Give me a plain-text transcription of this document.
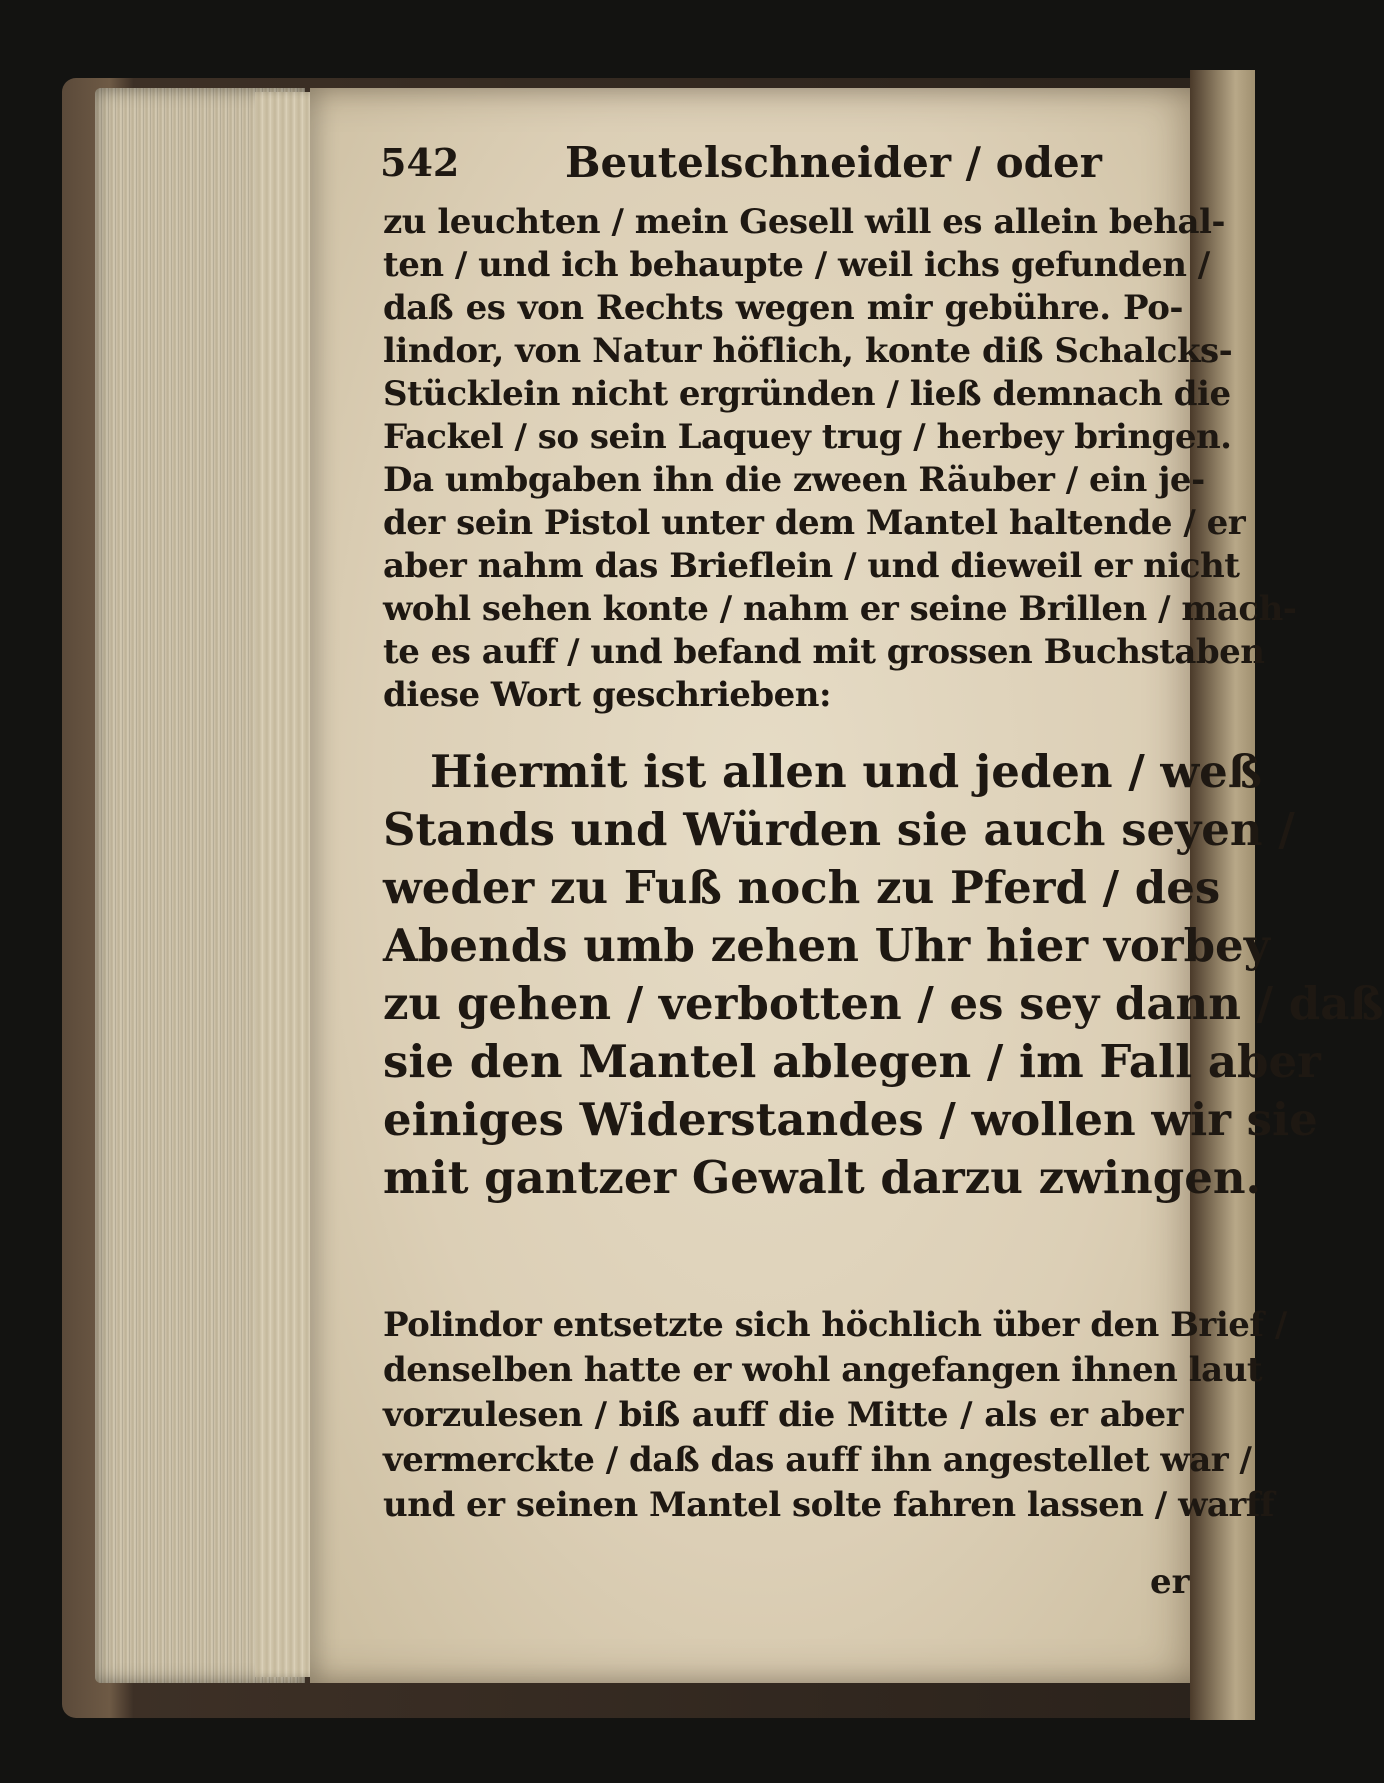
542	Beutelschneider / oder
zu leuchten / mein Gesell will es allein behal-
ten / und ich behaupte / weil ichs gefunden /
daß es von Rechts wegen mir gebühre. Po-
lindor, von Natur höflich, konte diß Schalcks-
Stücklein nicht ergründen / ließ demnach die
Fackel / so sein Laquey trug / herbey bringen.
Da umbgaben ihn die zween Räuber / ein je-
der sein Pistol unter dem Mantel haltende / er
aber nahm das Brieflein / und dieweil er nicht
wohl sehen konte / nahm er seine Brillen / mach-
te es auff / und befand mit grossen Buchstaben
diese Wort geschrieben:
Hiermit ist allen und jeden / weß
Stands und Würden sie auch seyen /
weder zu Fuß noch zu Pferd / des
Abends umb zehen Uhr hier vorbey
zu gehen / verbotten / es sey dann / daß
sie den Mantel ablegen / im Fall aber
einiges Widerstandes / wollen wir sie
mit gantzer Gewalt darzu zwingen.
Polindor entsetzte sich höchlich über den Brief /
denselben hatte er wohl angefangen ihnen laut
vorzulesen / biß auff die Mitte / als er aber
vermerckte / daß das auff ihn angestellet war /
und er seinen Mantel solte fahren lassen / warff
er
